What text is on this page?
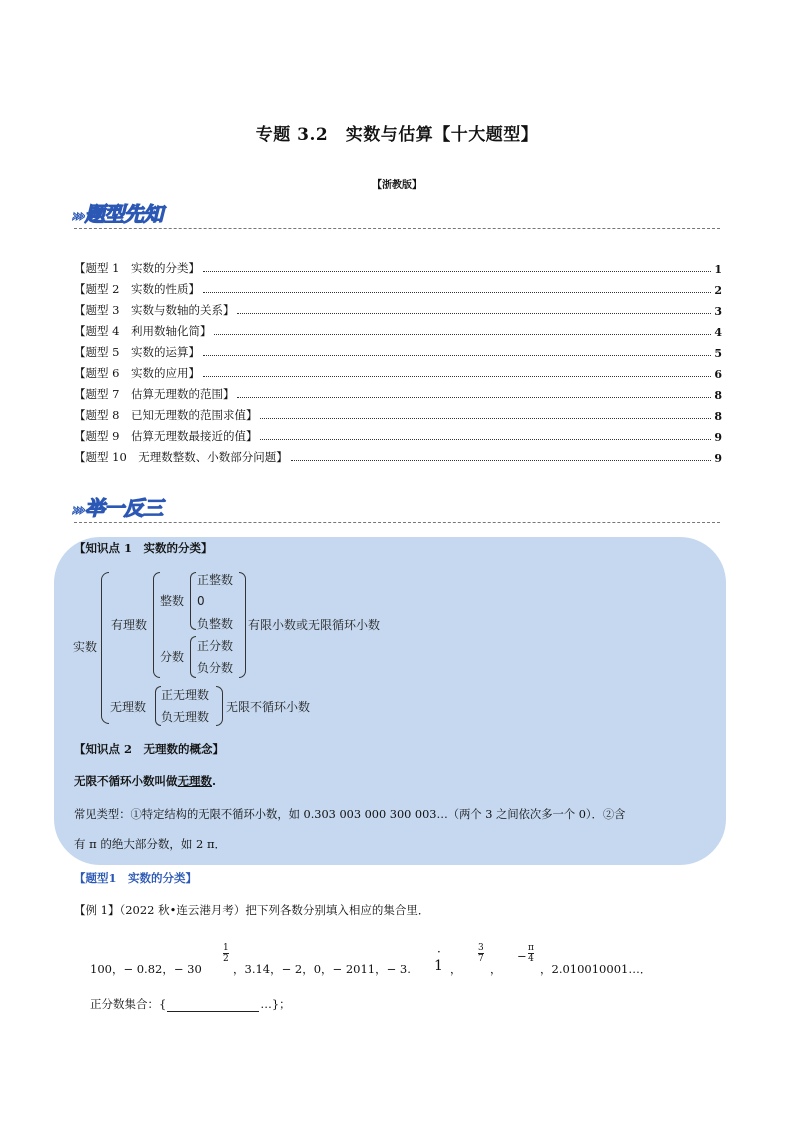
专题 3.2　实数与估算【十大题型】
【浙教版】
››› 题型先知
【题型 1　实数的分类】	1
【题型 2　实数的性质】	2
【题型 3　实数与数轴的关系】	3
【题型 4　利用数轴化简】	4
【题型 5　实数的运算】	5
【题型 6　实数的应用】	6
【题型 7　估算无理数的范围】	8
【题型 8　已知无理数的范围求值】	8
【题型 9　估算无理数最接近的值】	9
【题型 10　无理数整数、小数部分问题】	9
››› 举一反三
【知识点 1　实数的分类】
实数
有理数
整数
正整数
0
负整数
分数
正分数
负分数
有限小数或无限循环小数
无理数
正无理数
负无理数
无限不循环小数
【知识点 2　无理数的概念】
无限不循环小数叫做无理数.
常见类型：①特定结构的无限不循环小数，如 0.303 003 000 300 003…（两个 3 之间依次多一个 0）．②含
有 π 的绝大部分数，如 2 π．
【题型1　实数的分类】
【例 1】（2022 秋•连云港月考）把下列各数分别填入相应的集合里．
100，− 0.82，− 30
$\frac{1}{2}$
，3.14，− 2，0，− 2011，− 3.
·
1 ，
$\frac{3}{7}$
，
− $\frac{\pi}{4}$
，2.010010001…．
正分数集合：{	…}；
